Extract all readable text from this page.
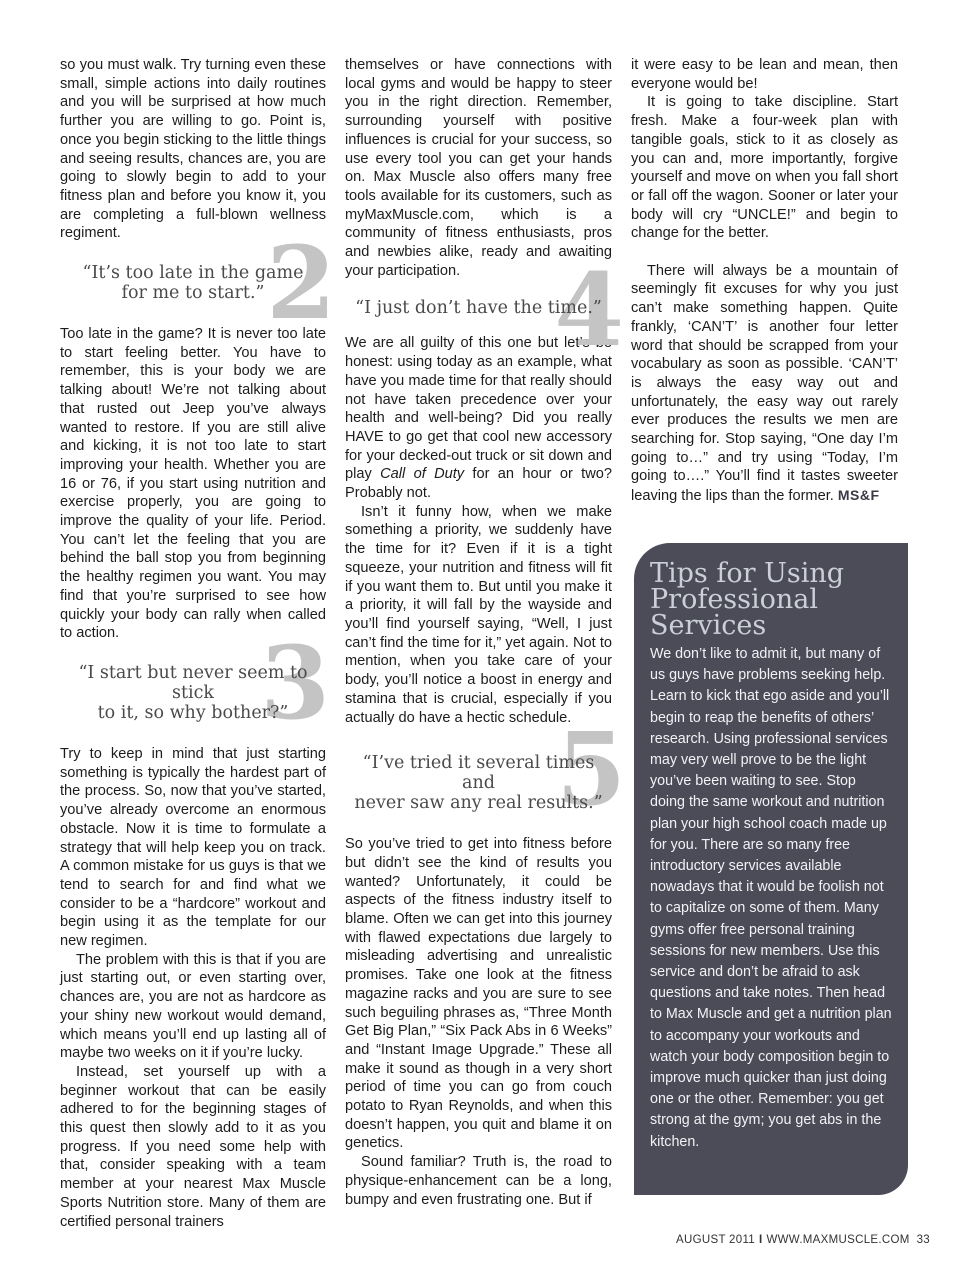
so you must walk. Try turning even these small, simple actions into daily routines and you will be surprised at how much further you are willing to go. Point is, once you begin sticking to the little things and seeing results, chances are, you are going to slowly begin to add to your fitness plan and before you know it, you are completing a full-blown wellness regiment.	2
“It’s too late in the game
for me to start.”

Too late in the game? It is never too late to start feeling better. You have to remember, this is your body we are talking about! We’re not talking about that rusted out Jeep you’ve always wanted to restore. If you are still alive and kicking, it is not too late to start improving your health. Whether you are 16 or 76, if you start using nutrition and exercise properly, you are going to improve the quality of your life. Period. You can’t let the feeling that you are behind the ball stop you from beginning the healthy regimen you want. You may find that you’re surprised to see how quickly your body can rally when called to action.	3
“I start but never seem to stick
to it, so why bother?”

Try to keep in mind that just starting something is typically the hardest part of the process. So, now that you’ve started, you’ve already overcome an enormous obstacle. Now it is time to formulate a strategy that will help keep you on track. A common mistake for us guys is that we tend to search for and find what we consider to be a “hardcore” workout and begin using it as the template for our new regimen.

The problem with this is that if you are just starting out, or even starting over, chances are, you are not as hardcore as your shiny new workout would demand, which means you’ll end up lasting all of maybe two weeks on it if you’re lucky.

Instead, set yourself up with a beginner workout that can be easily adhered to for the beginning stages of this quest then slowly add to it as you progress. If you need some help with that, consider speaking with a team member at your nearest Max Muscle Sports Nutrition store. Many of them are certified personal trainers

themselves or have connections with local gyms and would be happy to steer you in the right direction. Remember, surrounding yourself with positive influences is crucial for your success, so use every tool you can get your hands on. Max Muscle also offers many free tools available for its customers, such as myMaxMuscle.com, which is a community of fitness enthusiasts, pros and newbies alike, ready and awaiting your participation. 4
“I just don’t have the time.”

We are all guilty of this one but let’s be honest: using today as an example, what have you made time for that really should not have taken precedence over your health and well-being? Did you really HAVE to go get that cool new accessory for your decked-out truck or sit down and play Call of Duty for an hour or two? Probably not.

Isn’t it funny how, when we make something a priority, we suddenly have the time for it? Even if it is a tight squeeze, your nutrition and fitness will fit if you want them to. But until you make it a priority, it will fall by the wayside and you’ll find yourself saying, “Well, I just can’t find the time for it,” yet again. Not to mention, when you take care of your body, you’ll notice a boost in energy and stamina that is crucial, especially if you actually do have a hectic schedule.

5
“I’ve tried it several times and
never saw any real results.”

So you’ve tried to get into fitness before but didn’t see the kind of results you wanted? Unfortunately, it could be aspects of the fitness industry itself to blame. Often we can get into this journey with flawed expectations due largely to misleading advertising and unrealistic promises. Take one look at the fitness magazine racks and you are sure to see such beguiling phrases as, “Three Month Get Big Plan,” “Six Pack Abs in 6 Weeks” and “Instant Image Upgrade.” These all make it sound as though in a very short period of time you can go from couch potato to Ryan Reynolds, and when this doesn’t happen, you quit and blame it on genetics.

Sound familiar? Truth is, the road to physique-enhancement can be a long, bumpy and even frustrating one. But if

it were easy to be lean and mean, then everyone would be!

It is going to take discipline. Start fresh. Make a four-week plan with tangible goals, stick to it as closely as you can and, more importantly, forgive yourself and move on when you fall short or fall off the wagon. Sooner or later your body will cry “UNCLE!” and begin to change for the better.

There will always be a mountain of seemingly fit excuses for why you just can’t make something happen. Quite frankly, ‘CAN’T’ is another four letter word that should be scrapped from your vocabulary as soon as possible. ‘CAN’T’ is always the easy way out and unfortunately, the easy way out rarely ever produces the results we men are searching for. Stop saying, “One day I’m going to…” and try using “Today, I’m going to….” You’ll find it tastes sweeter leaving the lips than the former. MS&F

Tips for Using
Professional
Services
We don’t like to admit it, but many of us guys have problems seeking help. Learn to kick that ego aside and you’ll begin to reap the benefits of others’ research. Using professional services may very well prove to be the light you’ve been waiting to see. Stop doing the same workout and nutrition plan your high school coach made up for you. There are so many free introductory services available nowadays that it would be foolish not to capitalize on some of them. Many gyms offer free personal training sessions for new members. Use this service and don’t be afraid to ask questions and take notes. Then head to Max Muscle and get a nutrition plan to accompany your workouts and watch your body composition begin to improve much quicker than just doing one or the other. Remember: you get strong at the gym; you get abs in the kitchen.
AUGUST 2011 I WWW.MAXMUSCLE.COM 33
